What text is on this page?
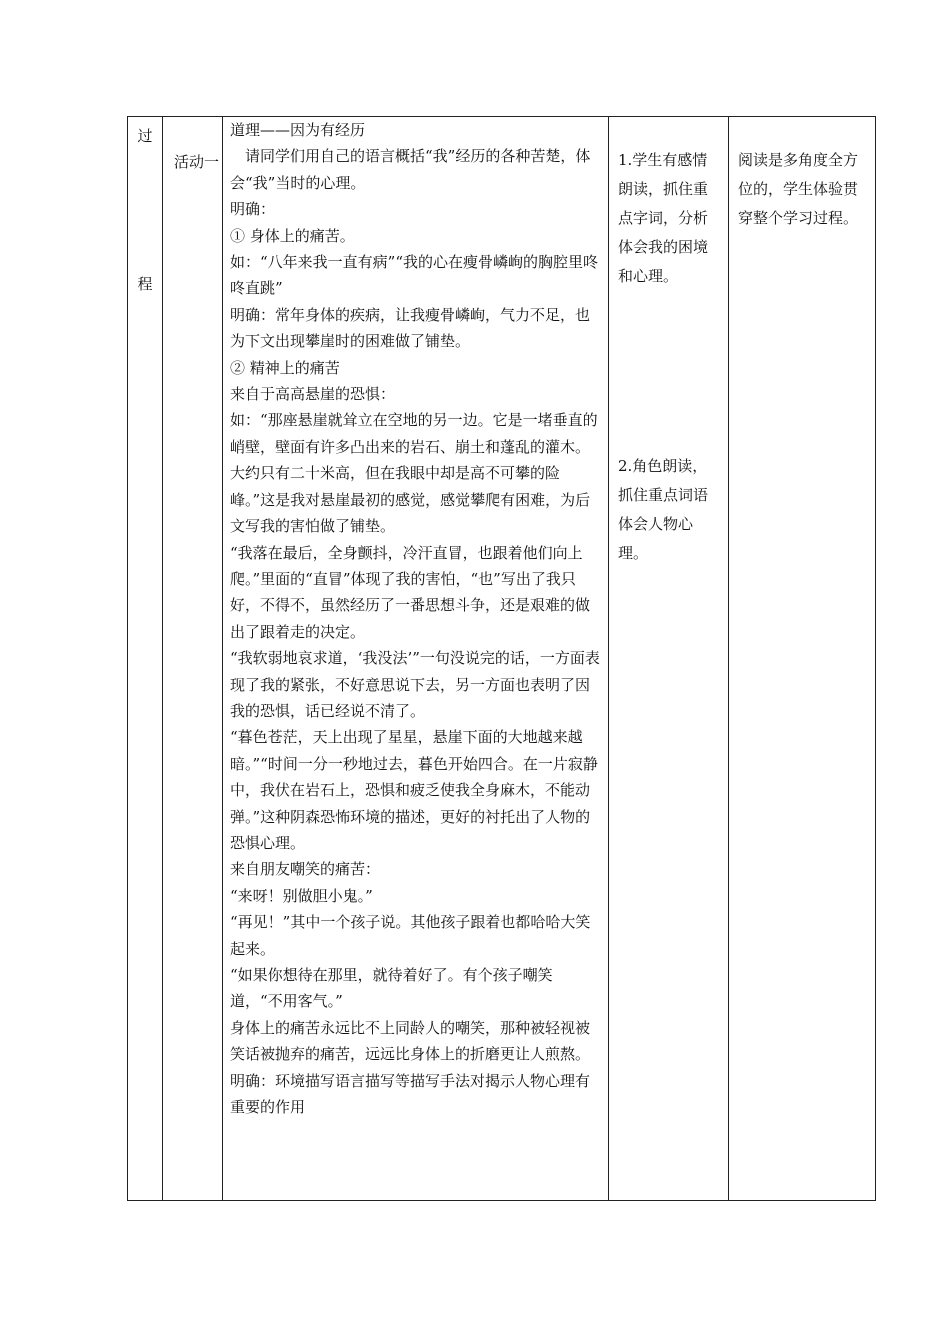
过
程
活动一

道理——因为有经历

请同学们用自己的语言概括“我”经历的各种苦楚，体会“我”当时的心理。

明确：

① 身体上的痛苦。

如：“八年来我一直有病”“我的心在瘦骨嶙峋的胸腔里咚咚直跳”

明确：常年身体的疾病，让我瘦骨嶙峋，气力不足，也为下文出现攀崖时的困难做了铺垫。

② 精神上的痛苦

来自于高高悬崖的恐惧：

如：“那座悬崖就耸立在空地的另一边。它是一堵垂直的峭壁，壁面有许多凸出来的岩石、崩土和蓬乱的灌木。大约只有二十米高，但在我眼中却是高不可攀的险峰。”这是我对悬崖最初的感觉，感觉攀爬有困难，为后文写我的害怕做了铺垫。

“我落在最后，全身颤抖，冷汗直冒，也跟着他们向上爬。”里面的“直冒”体现了我的害怕，“也”写出了我只好，不得不，虽然经历了一番思想斗争，还是艰难的做出了跟着走的决定。

“我软弱地哀求道，‘我没法’”一句没说完的话，一方面表现了我的紧张，不好意思说下去，另一方面也表明了因我的恐惧，话已经说不清了。

“暮色苍茫，天上出现了星星，悬崖下面的大地越来越暗。”“时间一分一秒地过去，暮色开始四合。在一片寂静中，我伏在岩石上，恐惧和疲乏使我全身麻木，不能动弹。”这种阴森恐怖环境的描述，更好的衬托出了人物的恐惧心理。

来自朋友嘲笑的痛苦：

“来呀！别做胆小鬼。”

“再见！”其中一个孩子说。其他孩子跟着也都哈哈大笑起来。

“如果你想待在那里，就待着好了。有个孩子嘲笑道，“不用客气。”

身体上的痛苦永远比不上同龄人的嘲笑，那种被轻视被笑话被抛弃的痛苦，远远比身体上的折磨更让人煎熬。

明确：环境描写语言描写等描写手法对揭示人物心理有重要的作用

1.学生有感情朗读，抓住重点字词，分析体会我的困境和心理。

2.角色朗读，抓住重点词语体会人物心理。

阅读是多角度全方位的，学生体验贯穿整个学习过程。
